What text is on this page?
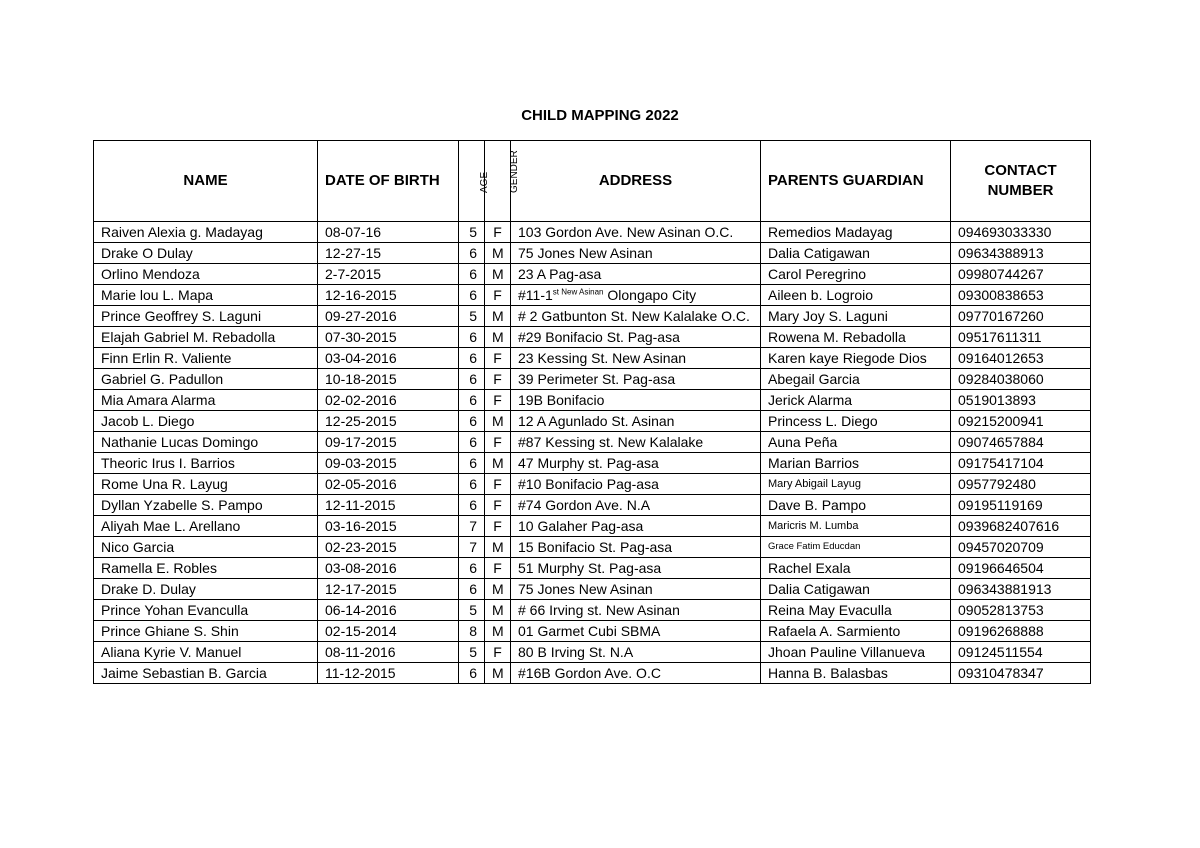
CHILD MAPPING 2022
NAME	DATE OF BIRTH	AGE	GENDER	ADDRESS	PARENTS GUARDIAN	CONTACT NUMBER
Raiven Alexia g. Madayag	08-07-16	5	F	103 Gordon Ave. New Asinan O.C.	Remedios Madayag	094693033330
Drake O Dulay	12-27-15	6	M	75 Jones New Asinan	Dalia Catigawan	09634388913
Orlino Mendoza	2-7-2015	6	M	23 A Pag-asa	Carol Peregrino	09980744267
Marie lou L. Mapa	12-16-2015	6	F	$\#11-1^{st New Asinan}$ Olongapo City	Aileen b. Logroio	09300838653
Prince Geoffrey S. Laguni	09-27-2016	5	M	# 2 Gatbunton St. New Kalalake O.C.	Mary Joy S. Laguni	09770167260
Elajah Gabriel M. Rebadolla	07-30-2015	6	M	#29 Bonifacio St. Pag-asa	Rowena M. Rebadolla	09517611311
Finn Erlin R. Valiente	03-04-2016	6	F	23 Kessing St. New Asinan	Karen kaye Riegode Dios	09164012653
Gabriel G. Padullon	10-18-2015	6	F	39 Perimeter St. Pag-asa	Abegail Garcia	09284038060
Mia Amara Alarma	02-02-2016	6	F	19B Bonifacio	Jerick Alarma	0519013893
Jacob L. Diego	12-25-2015	6	M	12 A Agunlado St. Asinan	Princess L. Diego	09215200941
Nathanie Lucas Domingo	09-17-2015	6	F	#87 Kessing st. New Kalalake	Auna Peña	09074657884
Theoric Irus I. Barrios	09-03-2015	6	M	47 Murphy st. Pag-asa	Marian Barrios	09175417104
Rome Una R. Layug	02-05-2016	6	F	#10 Bonifacio Pag-asa	Mary Abigail Layug	0957792480
Dyllan Yzabelle S. Pampo	12-11-2015	6	F	#74 Gordon Ave. N.A	Dave B. Pampo	09195119169
Aliyah Mae L. Arellano	03-16-2015	7	F	10 Galaher Pag-asa	Maricris M. Lumba	0939682407616
Nico Garcia	02-23-2015	7	M	15 Bonifacio St. Pag-asa	Grace Fatim Educdan	09457020709
Ramella E. Robles	03-08-2016	6	F	51 Murphy St. Pag-asa	Rachel Exala	09196646504
Drake D. Dulay	12-17-2015	6	M	75 Jones New Asinan	Dalia Catigawan	096343881913
Prince Yohan Evanculla	06-14-2016	5	M	# 66 Irving st. New Asinan	Reina May Evaculla	09052813753
Prince Ghiane S. Shin	02-15-2014	8	M	01 Garmet Cubi SBMA	Rafaela A. Sarmiento	09196268888
Aliana Kyrie V. Manuel	08-11-2016	5	F	80 B Irving St. N.A	Jhoan Pauline Villanueva	09124511554
Jaime Sebastian B. Garcia	11-12-2015	6	M	#16B Gordon Ave. O.C	Hanna B. Balasbas	09310478347
